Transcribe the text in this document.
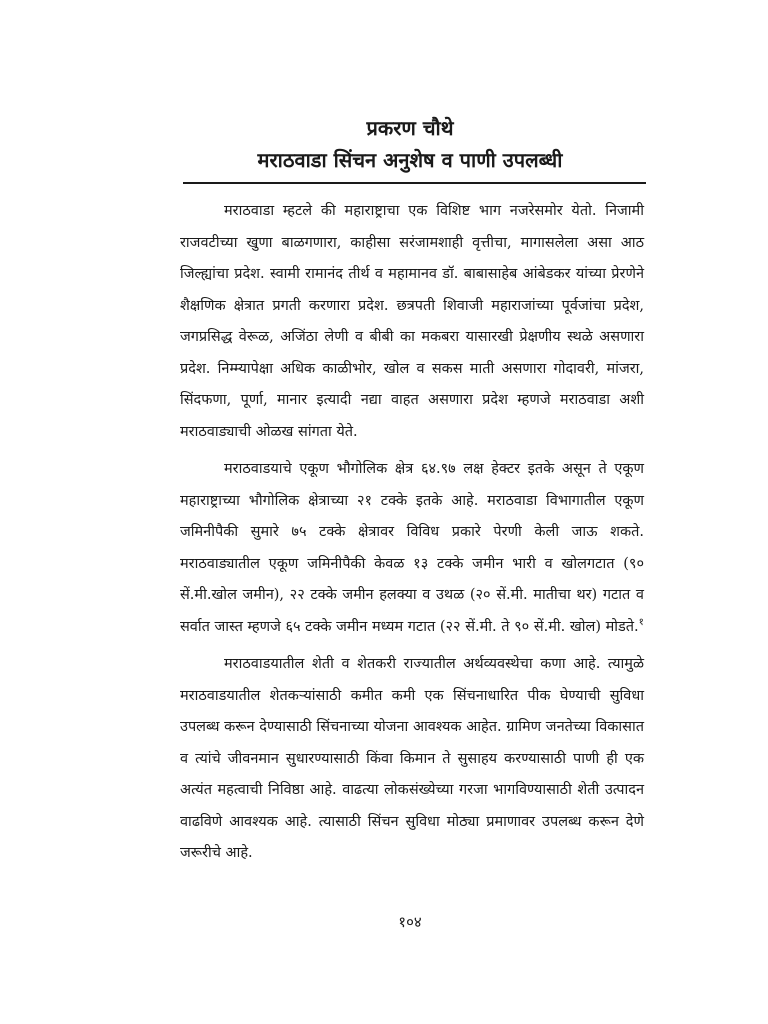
प्रकरण चौथे
मराठवाडा सिंचन अनुशेष व पाणी उपलब्धी

मराठवाडा म्हटले की महाराष्ट्राचा एक विशिष्ट भाग नजरेसमोर येतो. निजामी राजवटीच्या खुणा बाळगणारा, काहीसा सरंजामशाही वृत्तीचा, मागासलेला असा आठ जिल्ह्यांचा प्रदेश. स्वामी रामानंद तीर्थ व महामानव डॉ. बाबासाहेब आंबेडकर यांच्या प्रेरणेने शैक्षणिक क्षेत्रात प्रगती करणारा प्रदेश. छत्रपती शिवाजी महाराजांच्या पूर्वजांचा प्रदेश, जगप्रसिद्ध वेरूळ, अजिंठा लेणी व बीबी का मकबरा यासारखी प्रेक्षणीय स्थळे असणारा प्रदेश. निम्म्यापेक्षा अधिक काळीभोर, खोल व सकस माती असणारा गोदावरी, मांजरा, सिंदफणा, पूर्णा, मानार इत्यादी नद्या वाहत असणारा प्रदेश म्हणजे मराठवाडा अशी मराठवाड्याची ओळख सांगता येते.

मराठवाडयाचे एकूण भौगोलिक क्षेत्र ६४.९७ लक्ष हेक्टर इतके असून ते एकूण महाराष्ट्राच्या भौगोलिक क्षेत्राच्या २१ टक्के इतके आहे. मराठवाडा विभागातील एकूण जमिनीपैकी सुमारे ७५ टक्के क्षेत्रावर विविध प्रकारे पेरणी केली जाऊ शकते. मराठवाड्यातील एकूण जमिनीपैकी केवळ १३ टक्के जमीन भारी व खोलगटात (९० सें.मी.खोल जमीन), २२ टक्के जमीन हलक्या व उथळ (२० सें.मी. मातीचा थर) गटात व सर्वात जास्त म्हणजे ६५ टक्के जमीन मध्यम गटात (२२ सें.मी. ते ९० सें.मी. खोल) मोडते.$^१$

मराठवाडयातील शेती व शेतकरी राज्यातील अर्थव्यवस्थेचा कणा आहे. त्यामुळे मराठवाडयातील शेतकऱ्यांसाठी कमीत कमी एक सिंचनाधारित पीक घेण्याची सुविधा उपलब्ध करून देण्यासाठी सिंचनाच्या योजना आवश्यक आहेत. ग्रामिण जनतेच्या विकासात व त्यांचे जीवनमान सुधारण्यासाठी किंवा किमान ते सुसाहय करण्यासाठी पाणी ही एक अत्यंत महत्वाची निविष्ठा आहे. वाढत्या लोकसंख्येच्या गरजा भागविण्यासाठी शेती उत्पादन वाढविणे आवश्यक आहे. त्यासाठी सिंचन सुविधा मोठ्या प्रमाणावर उपलब्ध करून देणे जरूरीचे आहे.

१०४
